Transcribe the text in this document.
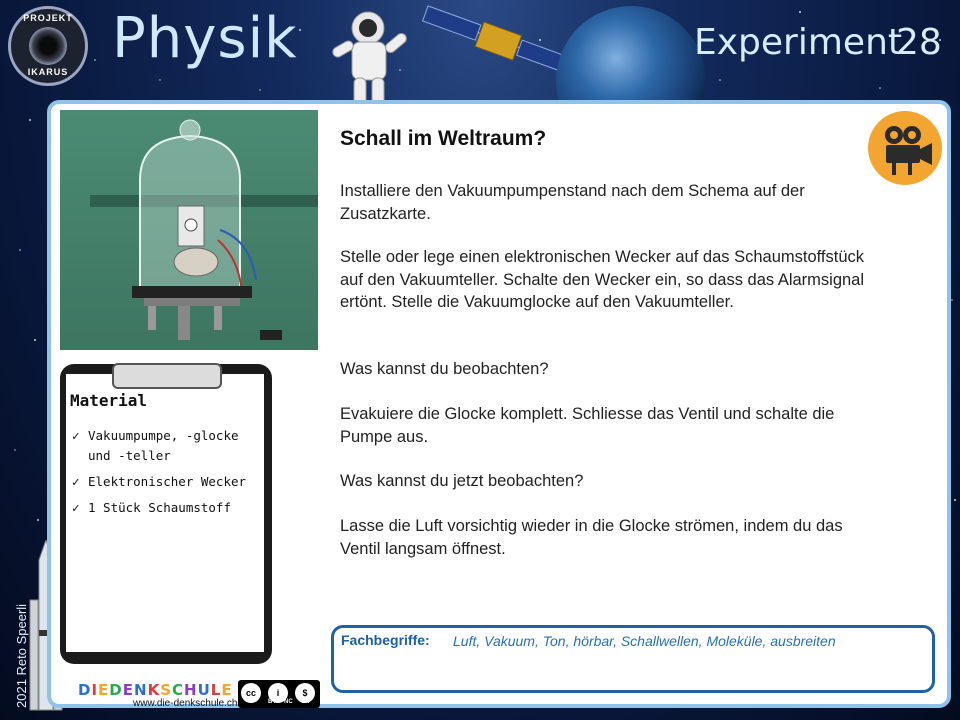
PROJEKT
IKARUS
Physik	Experiment
28
2021 Reto Speerli
Material
✓ Vakuumpumpe, -glocke und -teller
✓ Elektronischer Wecker
✓ 1 Stück Schaumstoff
Schall im Weltraum?

Installiere den Vakuumpumpenstand nach dem Schema auf der Zusatzkarte.

Stelle oder lege einen elektronischen Wecker auf das Schaumstoffstück auf den Vakuumteller. Schalte den Wecker ein, so dass das Alarmsignal ertönt. Stelle die Vakuumglocke auf den Vakuumteller.

Was kannst du beobachten?

Evakuiere die Glocke komplett. Schliesse das Ventil und schalte die Pumpe aus.

Was kannst du jetzt beobachten?

Lasse die Luft vorsichtig wieder in die Glocke strömen, indem du das Ventil langsam öffnest.

Fachbegriffe: Luft, Vakuum, Ton, hörbar, Schallwellen, Moleküle, ausbreiten

DIEDENKSCHULE
www.die-denkschule.ch
cc	i	$
BY NC SA
